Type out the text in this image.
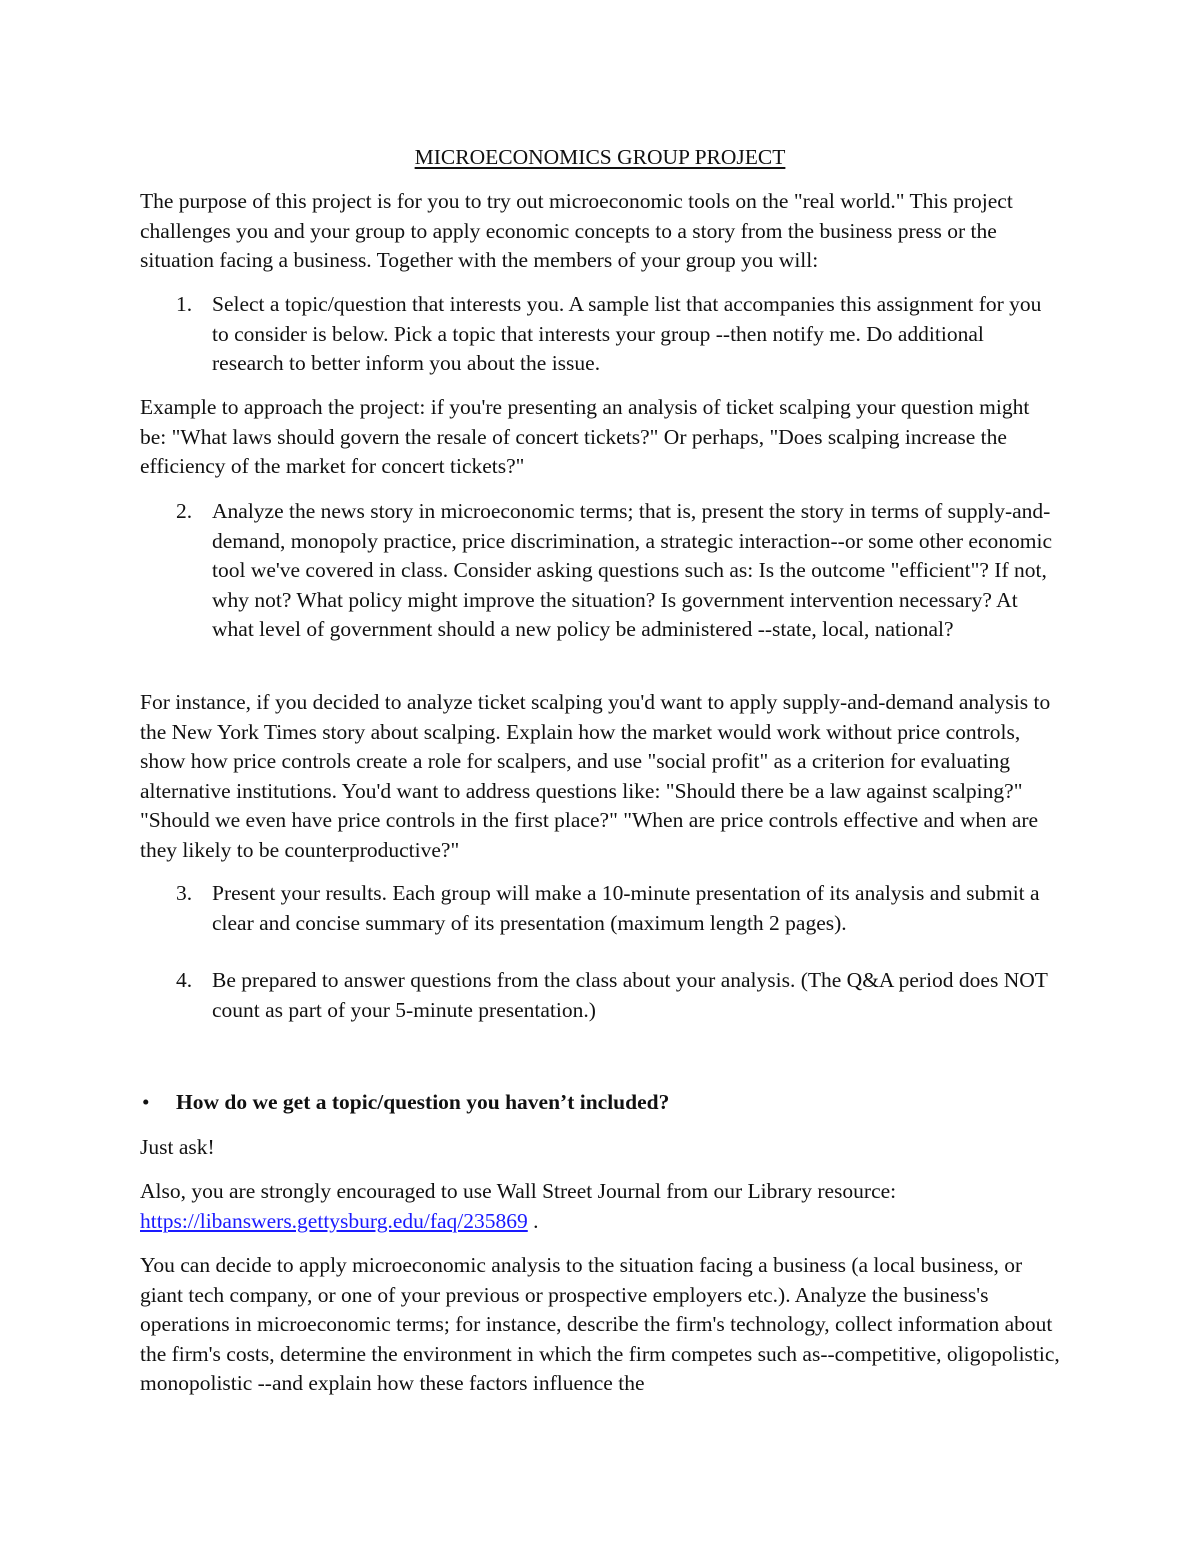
MICROECONOMICS GROUP PROJECT

The purpose of this project is for you to try out microeconomic tools on the "real world." This project challenges you and your group to apply economic concepts to a story from the business press or the situation facing a business. Together with the members of your group you will:

1. Select a topic/question that interests you. A sample list that accompanies this assignment for you to consider is below. Pick a topic that interests your group --then notify me. Do additional research to better inform you about the issue.

Example to approach the project: if you're presenting an analysis of ticket scalping your question might be: "What laws should govern the resale of concert tickets?" Or perhaps, "Does scalping increase the efficiency of the market for concert tickets?"

2. Analyze the news story in microeconomic terms; that is, present the story in terms of supply-and-demand, monopoly practice, price discrimination, a strategic interaction--or some other economic tool we've covered in class. Consider asking questions such as: Is the outcome "efficient"? If not, why not? What policy might improve the situation? Is government intervention necessary? At what level of government should a new policy be administered --state, local, national?

For instance, if you decided to analyze ticket scalping you'd want to apply supply-and-demand analysis to the New York Times story about scalping. Explain how the market would work without price controls, show how price controls create a role for scalpers, and use "social profit" as a criterion for evaluating alternative institutions. You'd want to address questions like: "Should there be a law against scalping?" "Should we even have price controls in the first place?" "When are price controls effective and when are they likely to be counterproductive?"

3. Present your results. Each group will make a 10-minute presentation of its analysis and submit a clear and concise summary of its presentation (maximum length 2 pages).
4. Be prepared to answer questions from the class about your analysis. (The Q&A period does NOT count as part of your 5-minute presentation.)
• How do we get a topic/question you haven’t included?

Just ask!

Also, you are strongly encouraged to use Wall Street Journal from our Library resource:
https://libanswers.gettysburg.edu/faq/235869 .

You can decide to apply microeconomic analysis to the situation facing a business (a local business, or giant tech company, or one of your previous or prospective employers etc.). Analyze the business's operations in microeconomic terms; for instance, describe the firm's technology, collect information about the firm's costs, determine the environment in which the firm competes such as--competitive, oligopolistic, monopolistic --and explain how these factors influence the
